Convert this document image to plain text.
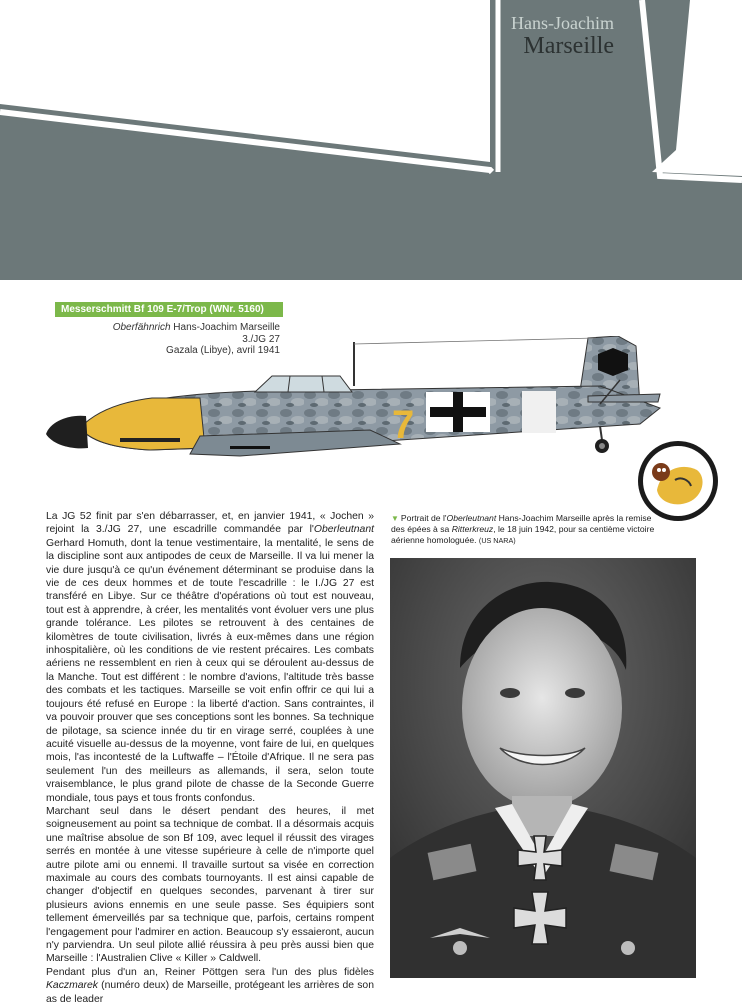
Hans-Joachim
Marseille
Messerschmitt Bf 109 E-7/Trop (WNr. 5160)
Oberfähnrich Hans-Joachim Marseille
3./JG 27
Gazala (Libye), avril 1941
7

La JG 52 finit par s'en débarrasser, et, en janvier 1941, « Jochen » rejoint la 3./JG 27, une escadrille commandée par l'Oberleutnant Gerhard Homuth, dont la tenue vestimentaire, la mentalité, le sens de la discipline sont aux antipodes de ceux de Marseille. Il va lui mener la vie dure jusqu'à ce qu'un événement déterminant se produise dans la vie de ces deux hommes et de toute l'escadrille : le I./JG 27 est transféré en Libye. Sur ce théâtre d'opérations où tout est nouveau, tout est à apprendre, à créer, les mentalités vont évoluer vers une plus grande tolérance. Les pilotes se retrouvent à des centaines de kilomètres de toute civilisation, livrés à eux-mêmes dans une région inhospitalière, où les conditions de vie restent précaires. Les combats aériens ne ressemblent en rien à ceux qui se déroulent au-dessus de la Manche. Tout est différent : le nombre d'avions, l'altitude très basse des combats et les tactiques. Marseille se voit enfin offrir ce qui lui a toujours été refusé en Europe : la liberté d'action. Sans contraintes, il va pouvoir prouver que ses conceptions sont les bonnes. Sa technique de pilotage, sa science innée du tir en virage serré, couplées à une acuité visuelle au-dessus de la moyenne, vont faire de lui, en quelques mois, l'as incontesté de la Luftwaffe – l'Étoile d'Afrique. Il ne sera pas seulement l'un des meilleurs as allemands, il sera, selon toute vraisemblance, le plus grand pilote de chasse de la Seconde Guerre mondiale, tous pays et tous fronts confondus.

Marchant seul dans le désert pendant des heures, il met soigneusement au point sa technique de combat. Il a désormais acquis une maîtrise absolue de son Bf 109, avec lequel il réussit des virages serrés en montée à une vitesse supérieure à celle de n'importe quel autre pilote ami ou ennemi. Il travaille surtout sa visée en correction maximale au cours des combats tournoyants. Il est ainsi capable de changer d'objectif en quelques secondes, parvenant à tirer sur plusieurs avions ennemis en une seule passe. Ses équipiers sont tellement émerveillés par sa technique que, parfois, certains rompent l'engagement pour l'admirer en action. Beaucoup s'y essaieront, aucun n'y parviendra. Un seul pilote allié réussira à peu près aussi bien que Marseille : l'Australien Clive « Killer » Caldwell.

Pendant plus d'un an, Reiner Pöttgen sera l'un des plus fidèles Kaczmarek (numéro deux) de Marseille, protégeant les arrières de son as de leader

▼ Portrait de l'Oberleutnant Hans-Joachim Marseille après la remise des épées à sa Ritterkreuz, le 18 juin 1942, pour sa centième victoire aérienne homologuée. (US NARA)
